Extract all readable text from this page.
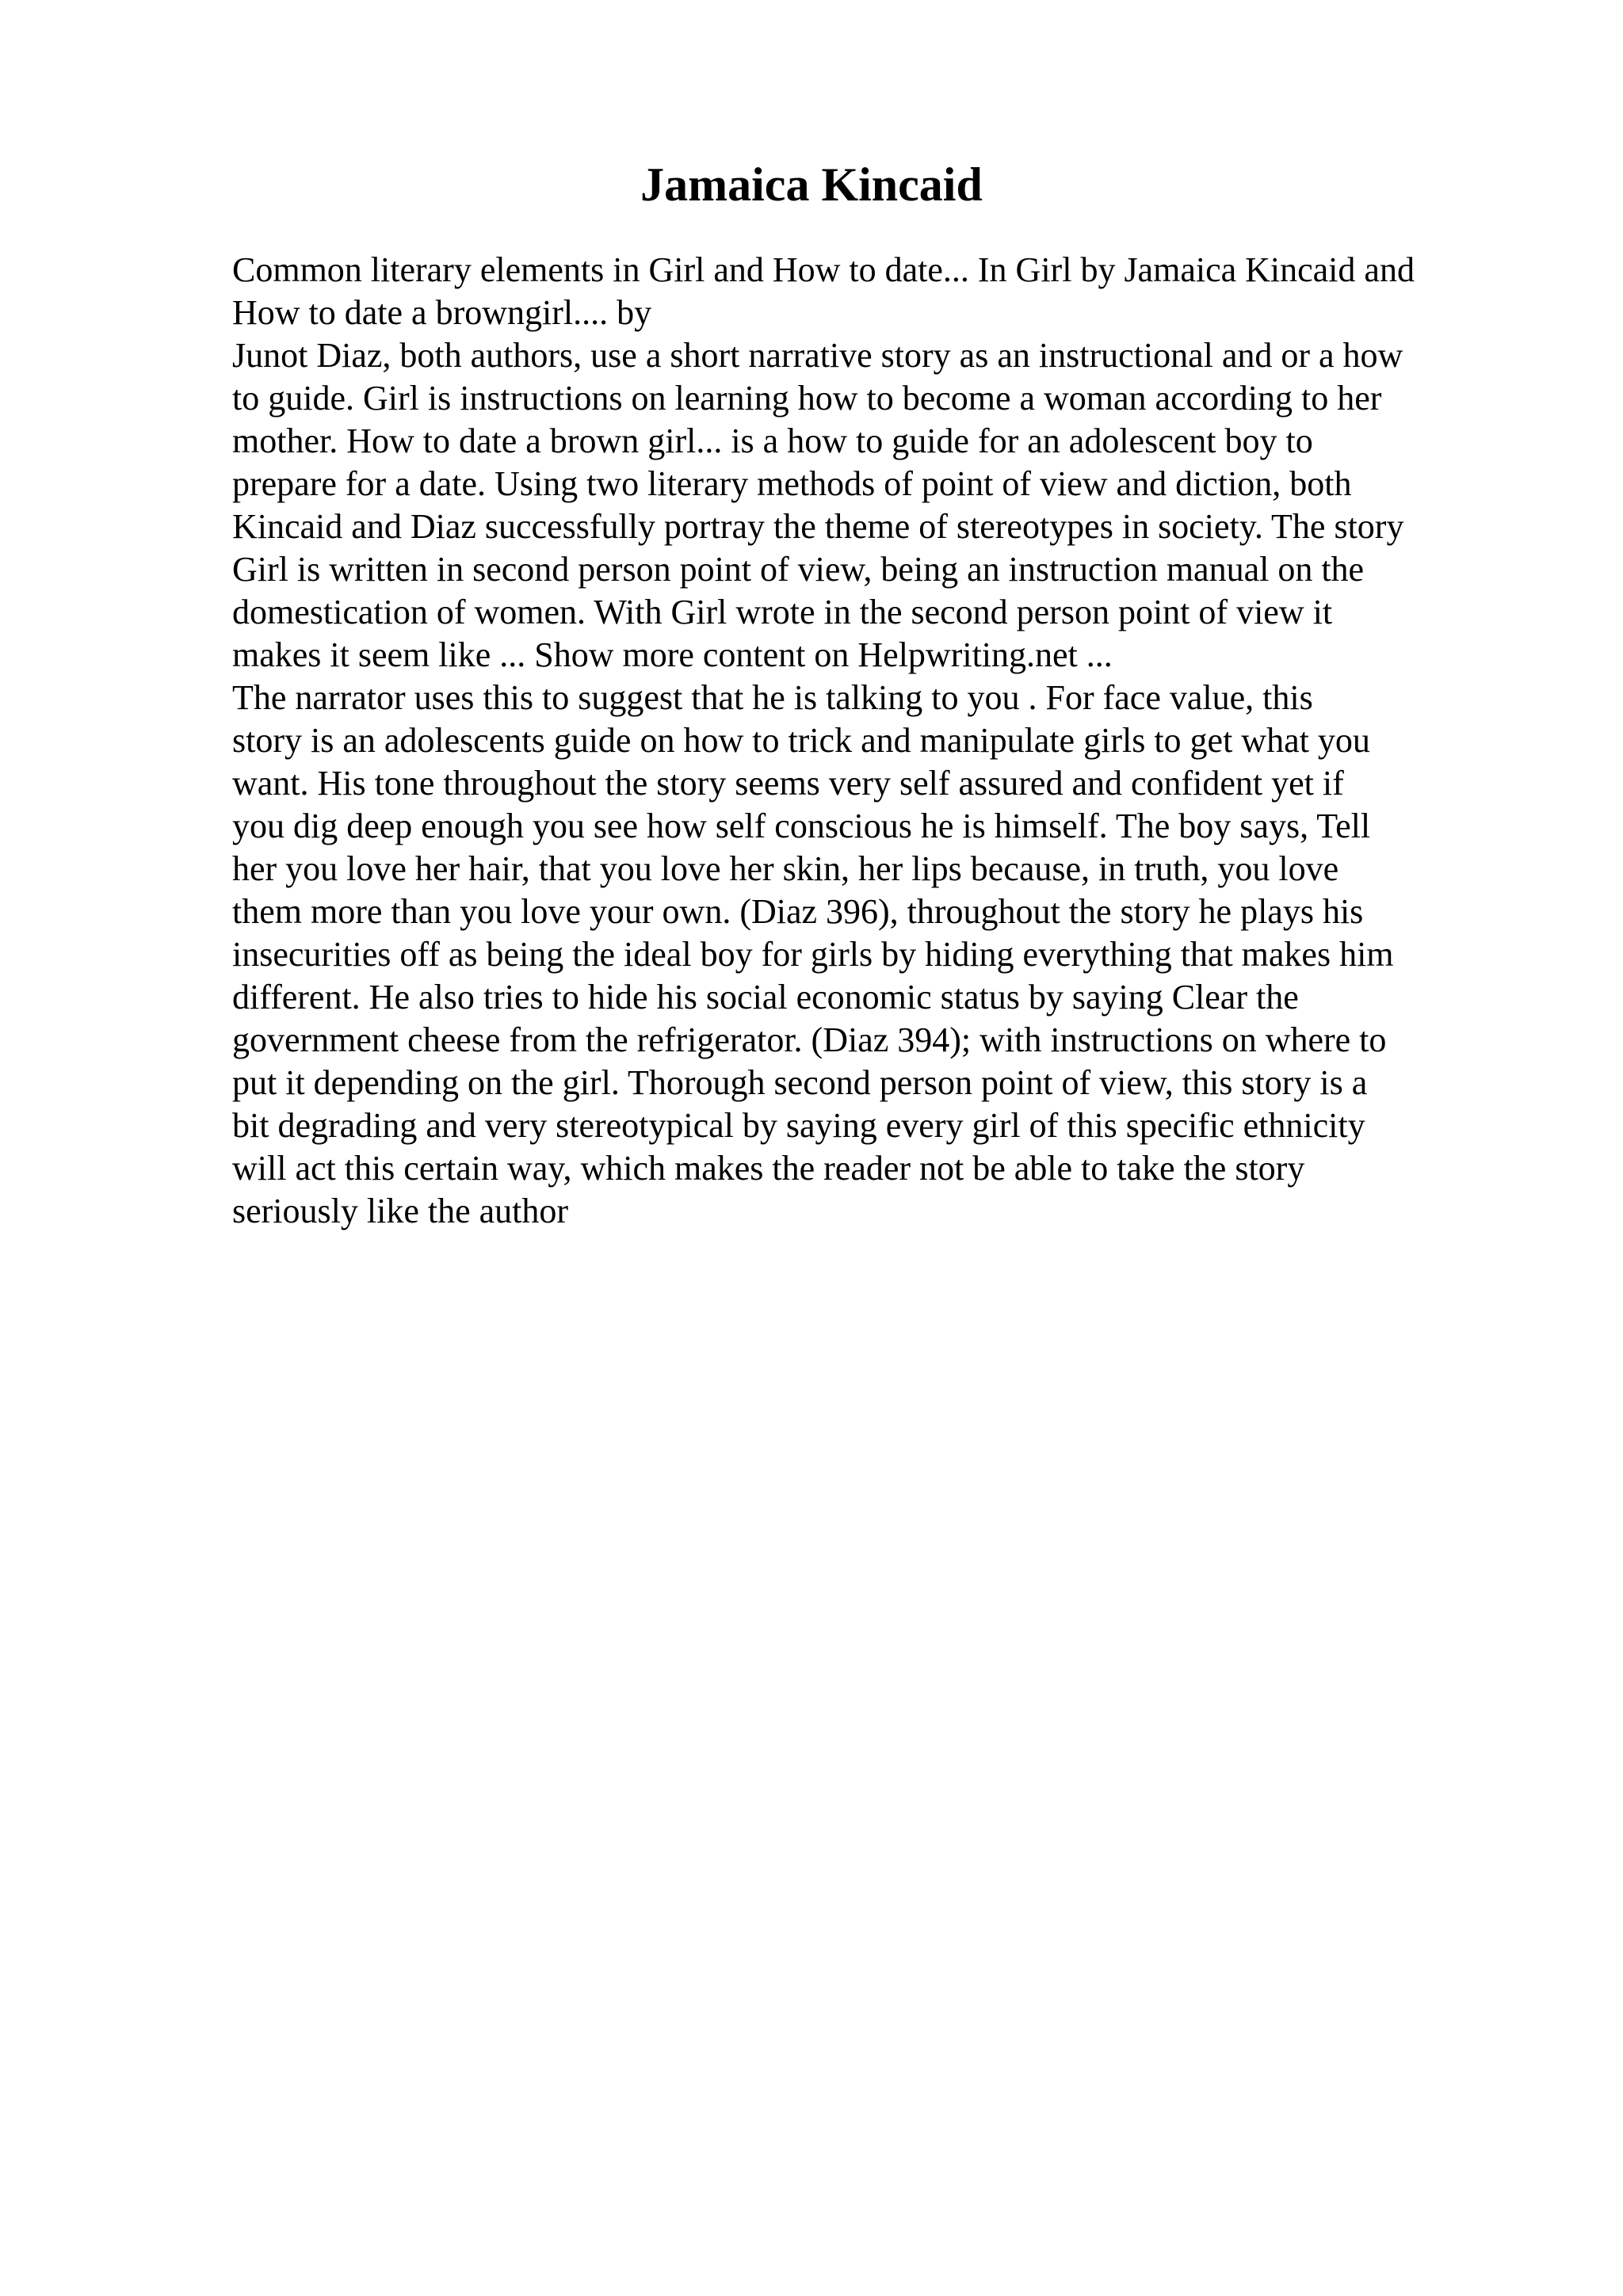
Jamaica Kincaid
Common literary elements in Girl and How to date... In Girl by Jamaica Kincaid and
How to date a browngirl.... by
Junot Diaz, both authors, use a short narrative story as an instructional and or a how
to guide. Girl is instructions on learning how to become a woman according to her
mother. How to date a brown girl... is a how to guide for an adolescent boy to
prepare for a date. Using two literary methods of point of view and diction, both
Kincaid and Diaz successfully portray the theme of stereotypes in society. The story
Girl is written in second person point of view, being an instruction manual on the
domestication of women. With Girl wrote in the second person point of view it
makes it seem like ... Show more content on Helpwriting.net ...
The narrator uses this to suggest that he is talking to you . For face value, this
story is an adolescents guide on how to trick and manipulate girls to get what you
want. His tone throughout the story seems very self assured and confident yet if
you dig deep enough you see how self conscious he is himself. The boy says, Tell
her you love her hair, that you love her skin, her lips because, in truth, you love
them more than you love your own. (Diaz 396), throughout the story he plays his
insecurities off as being the ideal boy for girls by hiding everything that makes him
different. He also tries to hide his social economic status by saying Clear the
government cheese from the refrigerator. (Diaz 394); with instructions on where to
put it depending on the girl. Thorough second person point of view, this story is a
bit degrading and very stereotypical by saying every girl of this specific ethnicity
will act this certain way, which makes the reader not be able to take the story
seriously like the author
